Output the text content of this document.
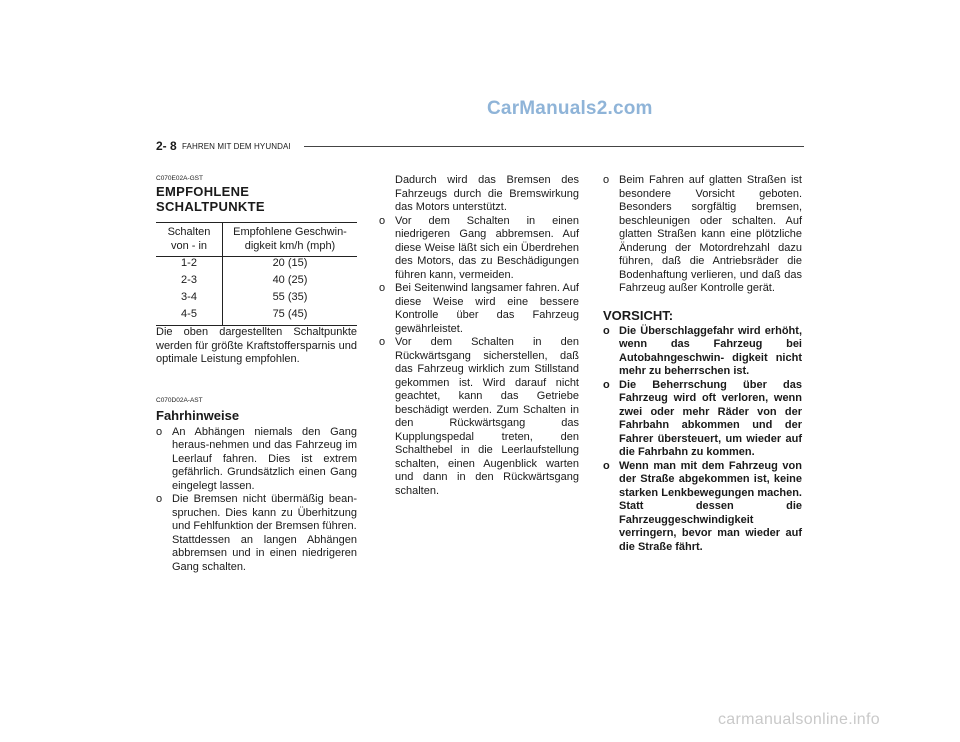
CarManuals2.com
2- 8 FAHREN MIT DEM HYUNDAI
C070E02A-GST
EMPFOHLENE
SCHALTPUNKTE
Schalten
von - in	Empfohlene Geschwin-
digkeit km/h (mph)
1-2	20 (15)
2-3	40 (25)
3-4	55 (35)
4-5	75 (45)

Die oben dargestellten Schaltpunkte werden für größte Kraftstoffersparnis und optimale Leistung empfohlen.

C070D02A-AST
Fahrhinweise

o An Abhängen niemals den Gang heraus-nehmen und das Fahrzeug im Leerlauf fahren. Dies ist extrem gefährlich. Grundsätzlich einen Gang eingelegt lassen.

o Die Bremsen nicht übermäßig bean-spruchen. Dies kann zu Überhitzung und Fehlfunktion der Bremsen führen.

Stattdessen an langen Abhängen abbremsen und in einen niedrigeren Gang schalten.

Dadurch wird das Bremsen des Fahrzeugs durch die Bremswirkung das Motors unterstützt.

o Vor dem Schalten in einen niedrigeren Gang abbremsen. Auf diese Weise läßt sich ein Überdrehen des Motors, das zu Beschädigungen führen kann, vermeiden.

o Bei Seitenwind langsamer fahren. Auf diese Weise wird eine bessere Kontrolle über das Fahrzeug gewährleistet.

o Vor dem Schalten in den Rückwärtsgang sicherstellen, daß das Fahrzeug wirklich zum Stillstand gekommen ist. Wird darauf nicht geachtet, kann das Getriebe beschädigt werden. Zum Schalten in den Rückwärtsgang das Kupplungspedal treten, den Schalthebel in die Leerlaufstellung schalten, einen Augenblick warten und dann in den Rückwärtsgang schalten.

o Beim Fahren auf glatten Straßen ist besondere Vorsicht geboten. Besonders sorgfältig bremsen, beschleunigen oder schalten. Auf glatten Straßen kann eine plötzliche Änderung der Motordrehzahl dazu führen, daß die Antriebsräder die Bodenhaftung verlieren, und daß das Fahrzeug außer Kontrolle gerät.

VORSICHT:

o Die Überschlaggefahr wird erhöht, wenn das Fahrzeug bei Autobahngeschwin- digkeit nicht mehr zu beherrschen ist.

o Die Beherrschung über das Fahrzeug wird oft verloren, wenn zwei oder mehr Räder von der Fahrbahn abkommen und der Fahrer übersteuert, um wieder auf die Fahrbahn zu kommen.

o Wenn man mit dem Fahrzeug von der Straße abgekommen ist, keine starken Lenkbewegungen machen. Statt dessen die Fahrzeuggeschwindigkeit verringern, bevor man wieder auf die Straße fährt.

carmanualsonline.info
